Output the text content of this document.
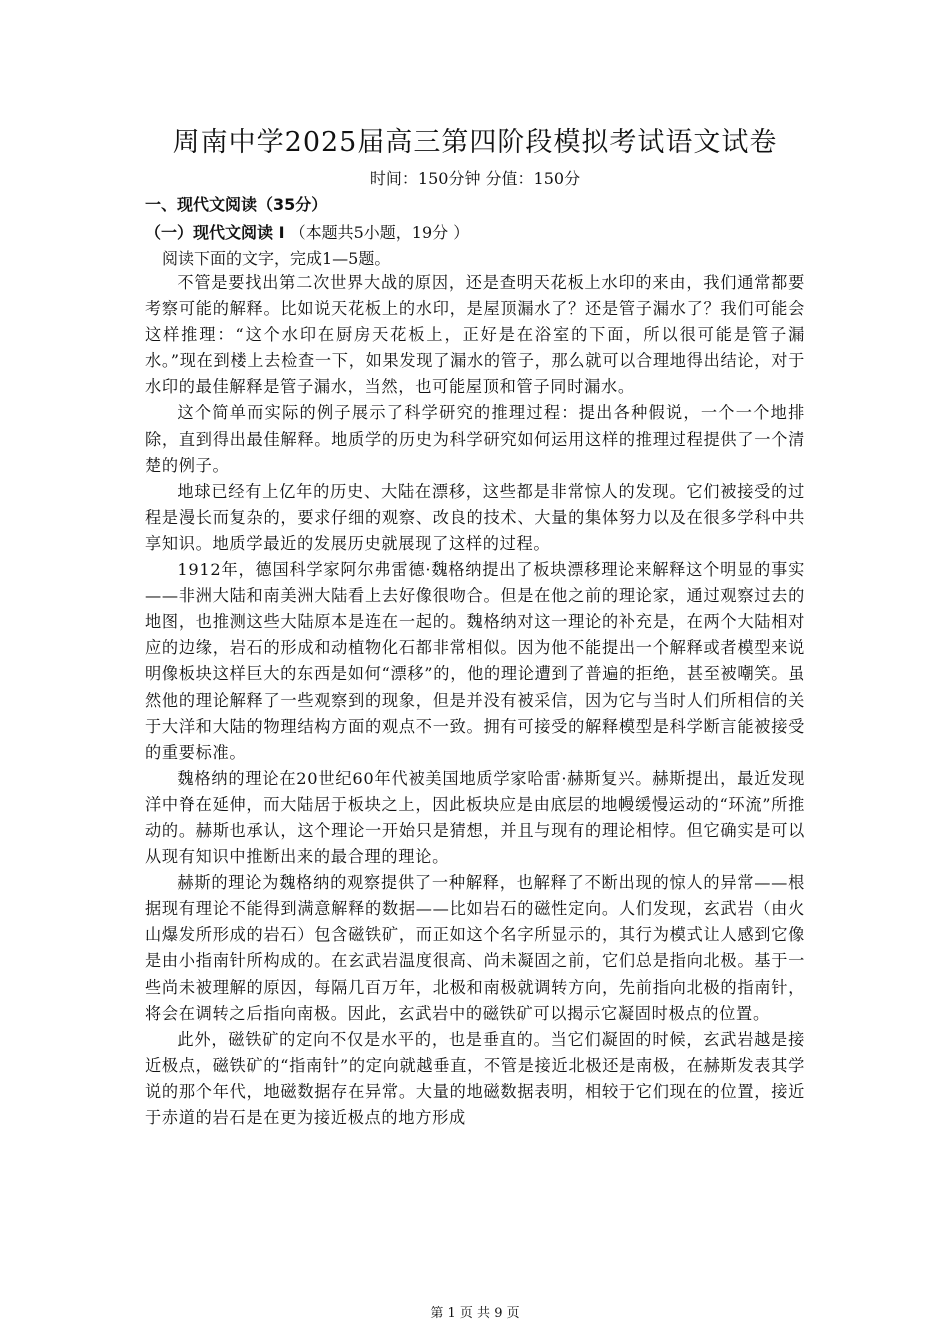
周南中学2025届高三第四阶段模拟考试语文试卷
时间：150分钟 分值：150分
一、现代文阅读（35分）
（一）现代文阅读 I （本题共5小题，19分 ）
阅读下面的文字，完成1—5题。

不管是要找出第二次世界大战的原因，还是查明天花板上水印的来由，我们通常都要考察可能的解释。比如说天花板上的水印，是屋顶漏水了？还是管子漏水了？我们可能会这样推理：“这个水印在厨房天花板上，正好是在浴室的下面，所以很可能是管子漏水。”现在到楼上去检查一下，如果发现了漏水的管子，那么就可以合理地得出结论，对于水印的最佳解释是管子漏水，当然，也可能屋顶和管子同时漏水。

这个简单而实际的例子展示了科学研究的推理过程：提出各种假说，一个一个地排除，直到得出最佳解释。地质学的历史为科学研究如何运用这样的推理过程提供了一个清楚的例子。

地球已经有上亿年的历史、大陆在漂移，这些都是非常惊人的发现。它们被接受的过程是漫长而复杂的，要求仔细的观察、改良的技术、大量的集体努力以及在很多学科中共享知识。地质学最近的发展历史就展现了这样的过程。

1912年，德国科学家阿尔弗雷德·魏格纳提出了板块漂移理论来解释这个明显的事实——非洲大陆和南美洲大陆看上去好像很吻合。但是在他之前的理论家，通过观察过去的地图，也推测这些大陆原本是连在一起的。魏格纳对这一理论的补充是，在两个大陆相对应的边缘，岩石的形成和动植物化石都非常相似。因为他不能提出一个解释或者模型来说明像板块这样巨大的东西是如何“漂移”的，他的理论遭到了普遍的拒绝，甚至被嘲笑。虽然他的理论解释了一些观察到的现象，但是并没有被采信，因为它与当时人们所相信的关于大洋和大陆的物理结构方面的观点不一致。拥有可接受的解释模型是科学断言能被接受的重要标准。

魏格纳的理论在20世纪60年代被美国地质学家哈雷·赫斯复兴。赫斯提出，最近发现洋中脊在延伸，而大陆居于板块之上，因此板块应是由底层的地幔缓慢运动的“环流”所推动的。赫斯也承认，这个理论一开始只是猜想，并且与现有的理论相悖。但它确实是可以从现有知识中推断出来的最合理的理论。

赫斯的理论为魏格纳的观察提供了一种解释，也解释了不断出现的惊人的异常——根据现有理论不能得到满意解释的数据——比如岩石的磁性定向。人们发现，玄武岩（由火山爆发所形成的岩石）包含磁铁矿，而正如这个名字所显示的，其行为模式让人感到它像是由小指南针所构成的。在玄武岩温度很高、尚未凝固之前，它们总是指向北极。基于一些尚未被理解的原因，每隔几百万年，北极和南极就调转方向，先前指向北极的指南针，将会在调转之后指向南极。因此，玄武岩中的磁铁矿可以揭示它凝固时极点的位置。

此外，磁铁矿的定向不仅是水平的，也是垂直的。当它们凝固的时候，玄武岩越是接近极点，磁铁矿的“指南针”的定向就越垂直，不管是接近北极还是南极，在赫斯发表其学说的那个年代，地磁数据存在异常。大量的地磁数据表明，相较于它们现在的位置，接近于赤道的岩石是在更为接近极点的地方形成

第 1 页 共 9 页
